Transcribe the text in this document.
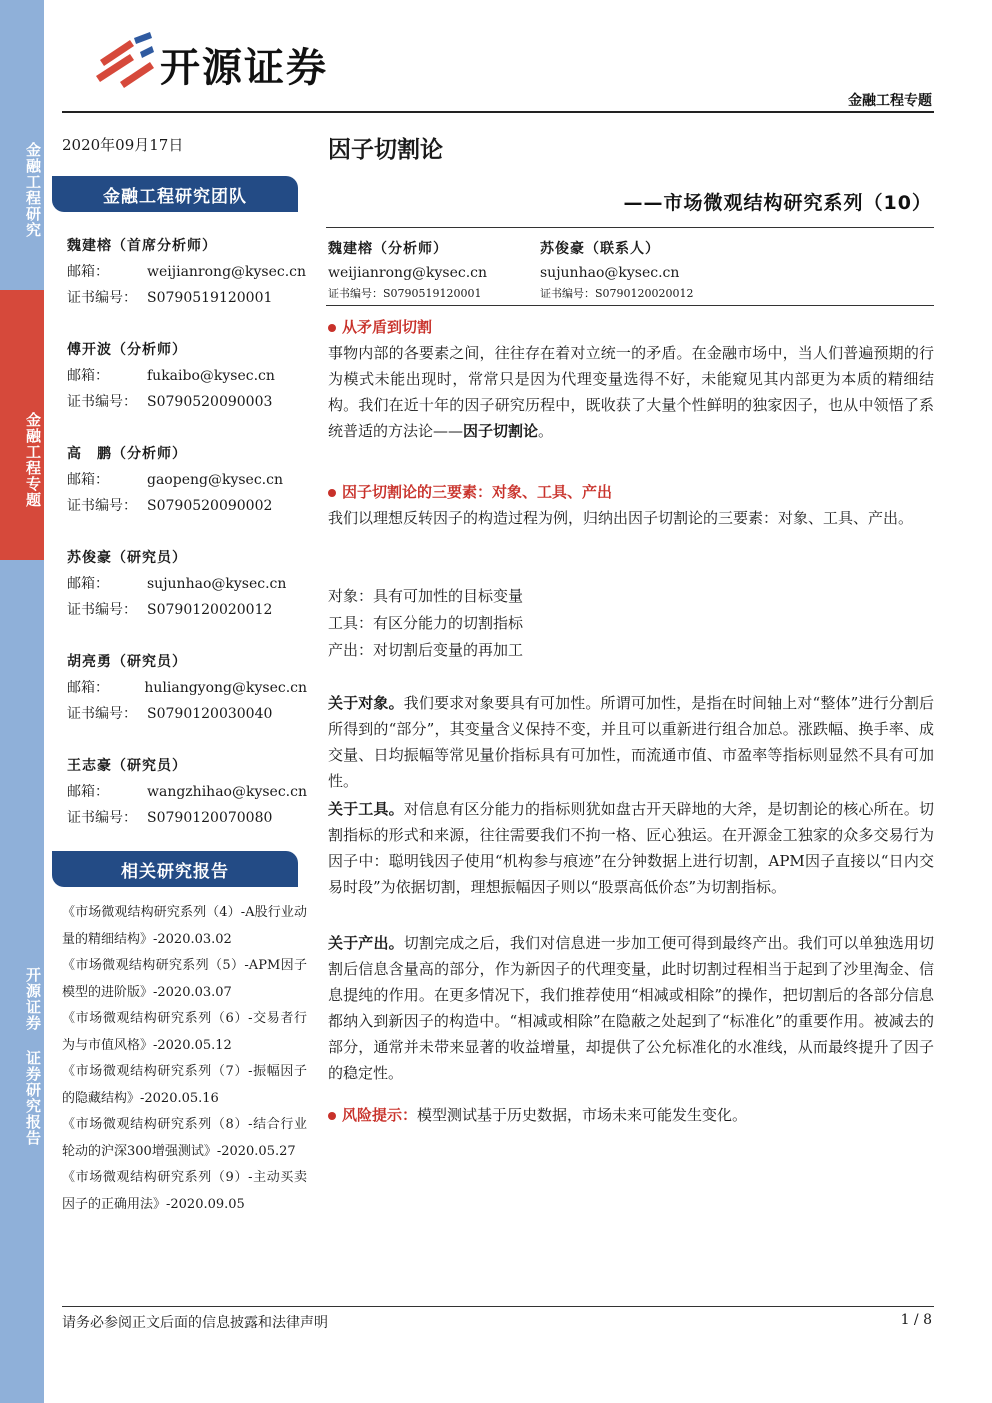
金融工程研究
金融工程专题
开源证券 证券研究报告
开源证券
金融工程专题
2020年09月17日
金融工程研究团队
魏建榕（首席分析师）
邮箱：	weijianrong@kysec.cn
证书编号： S0790519120001
傅开波（分析师）
邮箱：	fukaibo@kysec.cn
证书编号： S0790520090003
高　鹏（分析师）
邮箱：	gaopeng@kysec.cn
证书编号： S0790520090002
苏俊豪（研究员）
邮箱：	sujunhao@kysec.cn
证书编号： S0790120020012
胡亮勇（研究员）
邮箱：	huliangyong@kysec.cn
证书编号： S0790120030040
王志豪（研究员）
邮箱：	wangzhihao@kysec.cn
证书编号： S0790120070080
相关研究报告
《市场微观结构研究系列（4）-A股行业动量的精细结构》-2020.03.02
《市场微观结构研究系列（5）-APM因子模型的进阶版》-2020.03.07
《市场微观结构研究系列（6）-交易者行为与市值风格》-2020.05.12
《市场微观结构研究系列（7）-振幅因子的隐藏结构》-2020.05.16
《市场微观结构研究系列（8）-结合行业轮动的沪深300增强测试》-2020.05.27
《市场微观结构研究系列（9）-主动买卖因子的正确用法》-2020.09.05
因子切割论
——市场微观结构研究系列（10）
魏建榕（分析师）
weijianrong@kysec.cn
证书编号：S0790519120001
苏俊豪（联系人）
sujunhao@kysec.cn
证书编号：S0790120020012
从矛盾到切割
事物内部的各要素之间，往往存在着对立统一的矛盾。在金融市场中，当人们普遍预期的行为模式未能出现时，常常只是因为代理变量选得不好，未能窥见其内部更为本质的精细结构。我们在近十年的因子研究历程中，既收获了大量个性鲜明的独家因子，也从中领悟了系统普适的方法论——因子切割论。
因子切割论的三要素：对象、工具、产出
我们以理想反转因子的构造过程为例，归纳出因子切割论的三要素：对象、工具、产出。
对象：具有可加性的目标变量
工具：有区分能力的切割指标
产出：对切割后变量的再加工
关于对象。我们要求对象要具有可加性。所谓可加性，是指在时间轴上对“整体”进行分割后所得到的“部分”，其变量含义保持不变，并且可以重新进行组合加总。涨跌幅、换手率、成交量、日均振幅等常见量价指标具有可加性，而流通市值、市盈率等指标则显然不具有可加性。
关于工具。对信息有区分能力的指标则犹如盘古开天辟地的大斧，是切割论的核心所在。切割指标的形式和来源，往往需要我们不拘一格、匠心独运。在开源金工独家的众多交易行为因子中：聪明钱因子使用“机构参与痕迹”在分钟数据上进行切割，APM因子直接以“日内交易时段”为依据切割，理想振幅因子则以“股票高低价态”为切割指标。
关于产出。切割完成之后，我们对信息进一步加工便可得到最终产出。我们可以单独选用切割后信息含量高的部分，作为新因子的代理变量，此时切割过程相当于起到了沙里淘金、信息提纯的作用。在更多情况下，我们推荐使用“相减或相除”的操作，把切割后的各部分信息都纳入到新因子的构造中。“相减或相除”在隐蔽之处起到了“标准化”的重要作用。被减去的部分，通常并未带来显著的收益增量，却提供了公允标准化的水准线，从而最终提升了因子的稳定性。
风险提示：模型测试基于历史数据，市场未来可能发生变化。
请务必参阅正文后面的信息披露和法律声明	1 / 8
